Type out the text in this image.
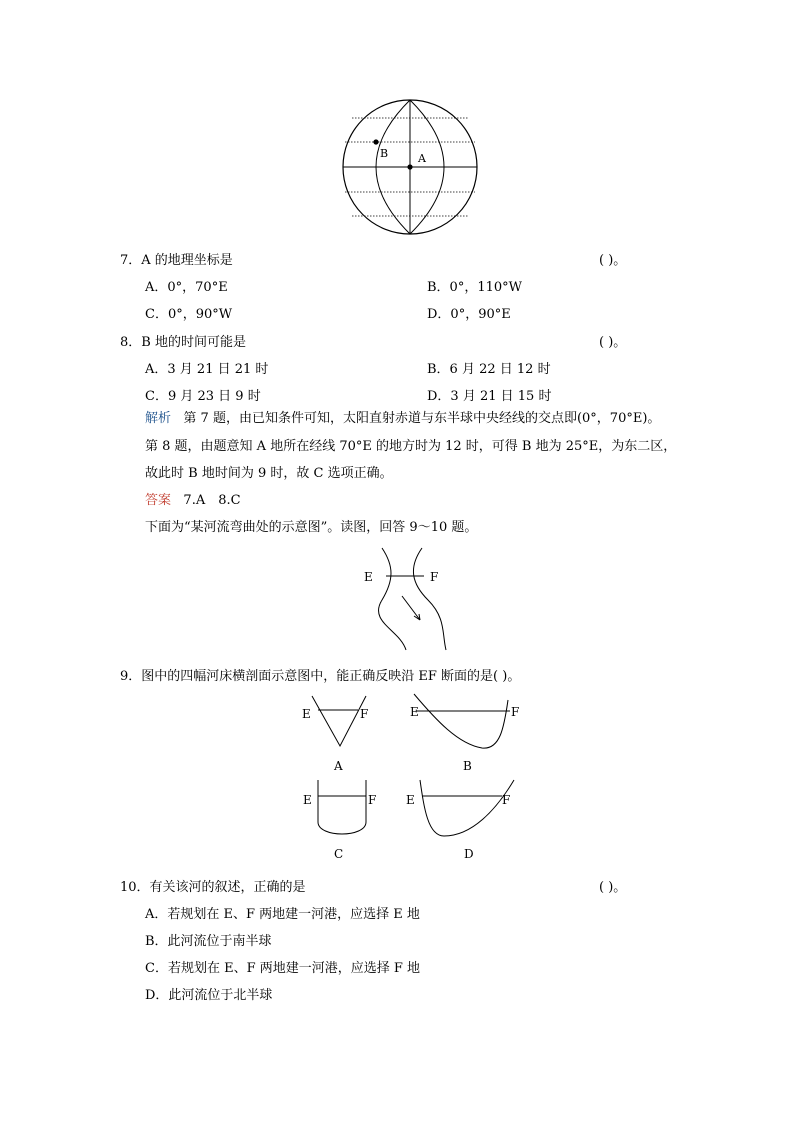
B	A
7．A 的地理坐标是	( )。
A．0°，70°E	B．0°，110°W
C．0°，90°W	D．0°，90°E
8．B 地的时间可能是	( )。
A．3 月 21 日 21 时	B．6 月 22 日 12 时
C．9 月 23 日 9 时	D．3 月 21 日 15 时
解析 第 7 题，由已知条件可知，太阳直射赤道与东半球中央经线的交点即(0°，70°E)。
第 8 题，由题意知 A 地所在经线 70°E 的地方时为 12 时，可得 B 地为 25°E，为东二区，
故此时 B 地时间为 9 时，故 C 选项正确。
答案 7.A　8.C
下面为“某河流弯曲处的示意图”。读图，回答 9～10 题。
E	F
9．图中的四幅河床横剖面示意图中，能正确反映沿 EF 断面的是( )。
E	F
A
E	F
B
E	F
C
E	F
D
10．有关该河的叙述，正确的是	( )。
A．若规划在 E、F 两地建一河港，应选择 E 地
B．此河流位于南半球
C．若规划在 E、F 两地建一河港，应选择 F 地
D．此河流位于北半球
